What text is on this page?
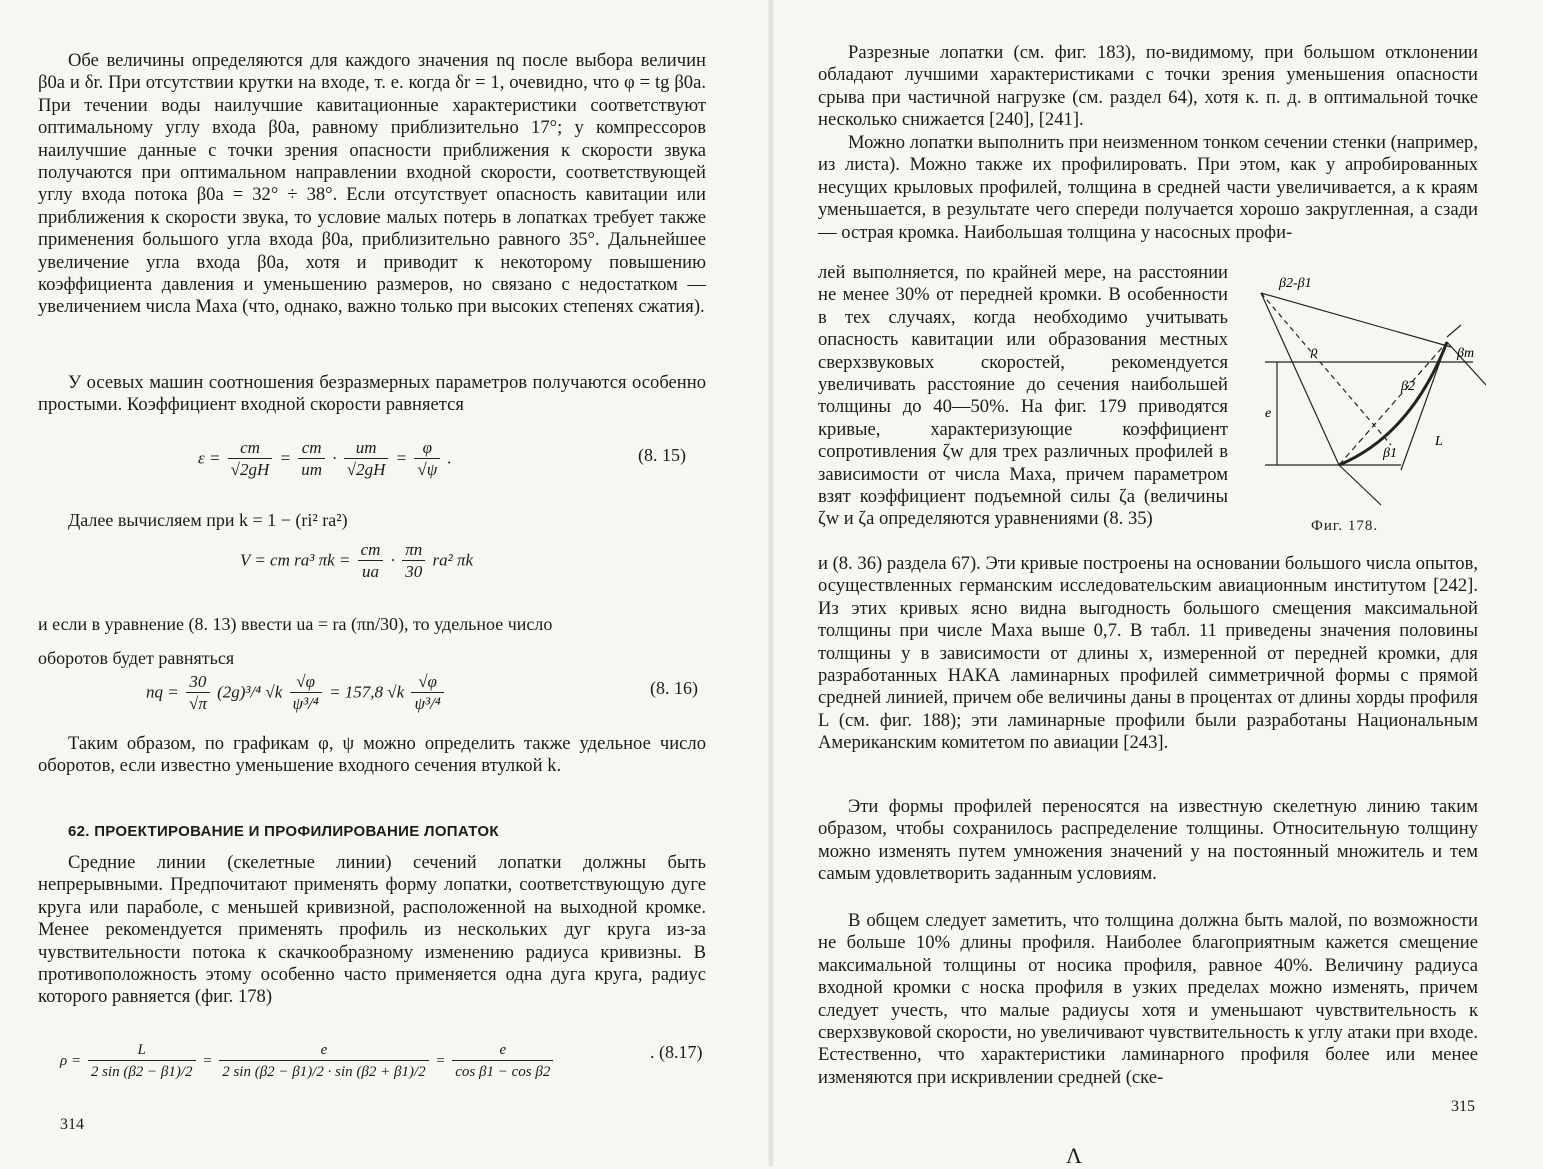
Обе величины определяются для каждого значения nq после выбора величин β0a и δr. При отсутствии крутки на входе, т. е. когда δr = 1, очевидно, что φ = tg β0a. При течении воды наилучшие кавитационные характеристики соответствуют оптимальному углу входа β0a, равному приблизительно 17°; у компрессоров наилучшие данные с точки зрения опасности приближения к скорости звука получаются при оптимальном направлении входной скорости, соответствующей углу входа потока β0a = 32° ÷ 38°. Если отсутствует опасность кавитации или приближения к скорости звука, то условие малых потерь в лопатках требует также применения большого угла входа β0a, приблизительно равного 35°. Дальнейшее увеличение угла входа β0a, хотя и приводит к некоторому повышению коэффициента давления и уменьшению размеров, но связано с недостатком — увеличением числа Маха (что, однако, важно только при высоких степенях сжатия).

У осевых машин соотношения безразмерных параметров получаются особенно простыми. Коэффициент входной скорости равняется

$\varepsilon = \frac{cm}{√2gH} = \frac{cm}{um} \cdot \frac{um}{√2gH} = \frac{\varphi}{√\psi}$ .	(8. 15)
Далее вычисляем при k = 1 − (ri² ra²)
V = cm ra³ $\pi k = \frac{cm}{ua} \cdot \frac{\pi n}{30} ra^2$ πk
и если в уравнение (8. 13) ввести ua = ra (πn/30), то удельное число
оборотов будет равняться
nq = $\frac{30}{√\pi} (2g)^3/^4$ $√k \frac{√\varphi}{\text{ψ³/⁴}} = 157,8$ $√k \frac{√\varphi}{\text{ψ³/⁴}}$	(8. 16)

Таким образом, по графикам φ, ψ можно определить также удельное число оборотов, если известно уменьшение входного сечения втулкой k.

62. ПРОЕКТИРОВАНИЕ И ПРОФИЛИРОВАНИЕ ЛОПАТОК

Средние линии (скелетные линии) сечений лопатки должны быть непрерывными. Предпочитают применять форму лопатки, соответствующую дуге круга или параболе, с меньшей кривизной, расположенной на выходной кромке. Менее рекомендуется применять профиль из нескольких дуг круга из-за чувствительности потока к скачкообразному изменению радиуса кривизны. В противоположность этому особенно часто применяется одна дуга круга, радиус которого равняется (фиг. 178)

$\rho = \frac{L}{2 \sin (\beta 2 - \beta 1)/2} = \frac{e}{2 \sin (\beta 2 - \beta 1)/2 \cdot \sin (\beta 2 + \beta 1)/2} = \frac{e}{\text{cos β1 − cos β2}}$	. (8.17)
314

Разрезные лопатки (см. фиг. 183), по-видимому, при большом отклонении обладают лучшими характеристиками с точки зрения уменьшения опасности срыва при частичной нагрузке (см. раздел 64), хотя к. п. д. в оптимальной точке несколько снижается [240], [241].

Можно лопатки выполнить при неизменном тонком сечении стенки (например, из листа). Можно также их профилировать. При этом, как у апробированных несущих крыловых профилей, толщина в средней части увеличивается, а к краям уменьшается, в результате чего спереди получается хорошо закругленная, а сзади — острая кромка. Наибольшая толщина у насосных профи-

лей выполняется, по крайней мере, на расстоянии не менее 30% от передней кромки. В особенности в тех случаях, когда необходимо учитывать опасность кавитации или образования местных сверхзвуковых скоростей, рекомендуется увеличивать расстояние до сечения наибольшей толщины до 40—50%. На фиг. 179 приводятся кривые, характеризующие коэффициент сопротивления ζw для трех различных профилей в зависимости от числа Маха, причем параметром взят коэффициент подъемной силы ζa (величины ζw и ζa определяются уравнениями (8. 35)

β2-β1
ρ	βm
β2
β1
e
L
Фиг. 178.

и (8. 36) раздела 67). Эти кривые построены на основании большого числа опытов, осуществленных германским исследовательским авиационным институтом [242]. Из этих кривых ясно видна выгодность большого смещения максимальной толщины при числе Маха выше 0,7. В табл. 11 приведены значения половины толщины y в зависимости от длины x, измеренной от передней кромки, для разработанных НАКА ламинарных профилей симметричной формы с прямой средней линией, причем обе величины даны в процентах от длины хорды профиля L (см. фиг. 188); эти ламинарные профили были разработаны Национальным Американским комитетом по авиации [243].

Эти формы профилей переносятся на известную скелетную линию таким образом, чтобы сохранилось распределение толщины. Относительную толщину можно изменять путем умножения значений y на постоянный множитель и тем самым удовлетворить заданным условиям.

В общем следует заметить, что толщина должна быть малой, по возможности не больше 10% длины профиля. Наиболее благоприятным кажется смещение максимальной толщины от носика профиля, равное 40%. Величину радиуса входной кромки с носка профиля в узких пределах можно изменять, причем следует учесть, что малые радиусы хотя и уменьшают чувствительность к сверхзвуковой скорости, но увеличивают чувствительность к углу атаки при входе. Естественно, что характеристики ламинарного профиля более или менее изменяются при искривлении средней (ске-

315
Λ
